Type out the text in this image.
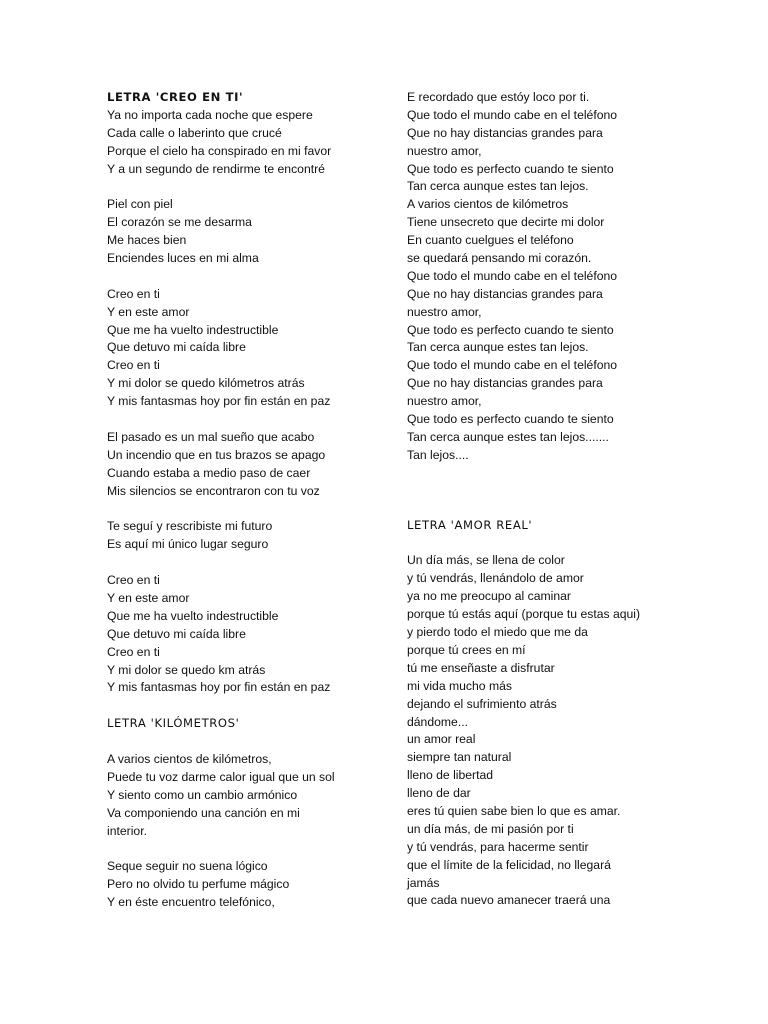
LETRA 'CREO EN TI'
Ya no importa cada noche que espere
Cada calle o laberinto que crucé
Porque el cielo ha conspirado en mi favor
Y a un segundo de rendirme te encontré
Piel con piel
El corazón se me desarma
Me haces bien
Enciendes luces en mi alma
Creo en ti
Y en este amor
Que me ha vuelto indestructible
Que detuvo mi caída libre
Creo en ti
Y mi dolor se quedo kilómetros atrás
Y mis fantasmas hoy por fin están en paz
El pasado es un mal sueño que acabo
Un incendio que en tus brazos se apago
Cuando estaba a medio paso de caer
Mis silencios se encontraron con tu voz
Te seguí y rescribiste mi futuro
Es aquí mi único lugar seguro
Creo en ti
Y en este amor
Que me ha vuelto indestructible
Que detuvo mi caída libre
Creo en ti
Y mi dolor se quedo km atrás
Y mis fantasmas hoy por fin están en paz
LETRA 'KILÓMETROS'
A varios cientos de kilómetros,
Puede tu voz darme calor igual que un sol
Y siento como un cambio armónico
Va componiendo una canción en mi
interior.
Seque seguir no suena lógico
Pero no olvido tu perfume mágico
Y en éste encuentro telefónico,
E recordado que estóy loco por ti.
Que todo el mundo cabe en el teléfono
Que no hay distancias grandes para
nuestro amor,
Que todo es perfecto cuando te siento
Tan cerca aunque estes tan lejos.
A varios cientos de kilómetros
Tiene unsecreto que decirte mi dolor
En cuanto cuelgues el teléfono
se quedará pensando mi corazón.
Que todo el mundo cabe en el teléfono
Que no hay distancias grandes para
nuestro amor,
Que todo es perfecto cuando te siento
Tan cerca aunque estes tan lejos.
Que todo el mundo cabe en el teléfono
Que no hay distancias grandes para
nuestro amor,
Que todo es perfecto cuando te siento
Tan cerca aunque estes tan lejos.......
Tan lejos....
LETRA 'AMOR REAL'
Un día más, se llena de color
y tú vendrás, llenándolo de amor
ya no me preocupo al caminar
porque tú estás aquí (porque tu estas aqui)
y pierdo todo el miedo que me da
porque tú crees en mí
tú me enseñaste a disfrutar
mi vida mucho más
dejando el sufrimiento atrás
dándome...
un amor real
siempre tan natural
lleno de libertad
lleno de dar
eres tú quien sabe bien lo que es amar.
un día más, de mi pasión por ti
y tú vendrás, para hacerme sentir
que el límite de la felicidad, no llegará
jamás
que cada nuevo amanecer traerá una
